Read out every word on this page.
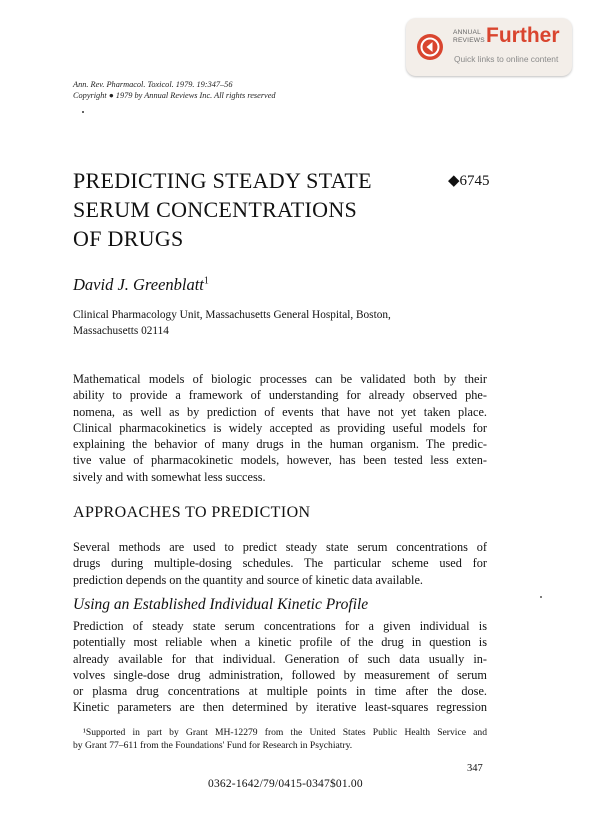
ANNUAL REVIEWS Further
Quick links to online content
Ann. Rev. Pharmacol. Toxicol. 1979. 19:347–56
Copyright ● 1979 by Annual Reviews Inc. All rights reserved
PREDICTING STEADY STATE
SERUM CONCENTRATIONS
OF DRUGS
◆6745
David J. Greenblatt$^1$
Clinical Pharmacology Unit, Massachusetts General Hospital, Boston,
Massachusetts 02114
Mathematical models of biologic processes can be validated both by their
ability to provide a framework of understanding for already observed phe-
nomena, as well as by prediction of events that have not yet taken place.
Clinical pharmacokinetics is widely accepted as providing useful models for
explaining the behavior of many drugs in the human organism. The predic-
tive value of pharmacokinetic models, however, has been tested less exten-
sively and with somewhat less success.
APPROACHES TO PREDICTION
Several methods are used to predict steady state serum concentrations of
drugs during multiple-dosing schedules. The particular scheme used for
prediction depends on the quantity and source of kinetic data available.
Using an Established Individual Kinetic Profile
Prediction of steady state serum concentrations for a given individual is
potentially most reliable when a kinetic profile of the drug in question is
already available for that individual. Generation of such data usually in-
volves single-dose drug administration, followed by measurement of serum
or plasma drug concentrations at multiple points in time after the dose.
Kinetic parameters are then determined by iterative least-squares regression
¹Supported in part by Grant MH-12279 from the United States Public Health Service and
by Grant 77–611 from the Foundations' Fund for Research in Psychiatry.
347
0362-1642/79/0415-0347$01.00
